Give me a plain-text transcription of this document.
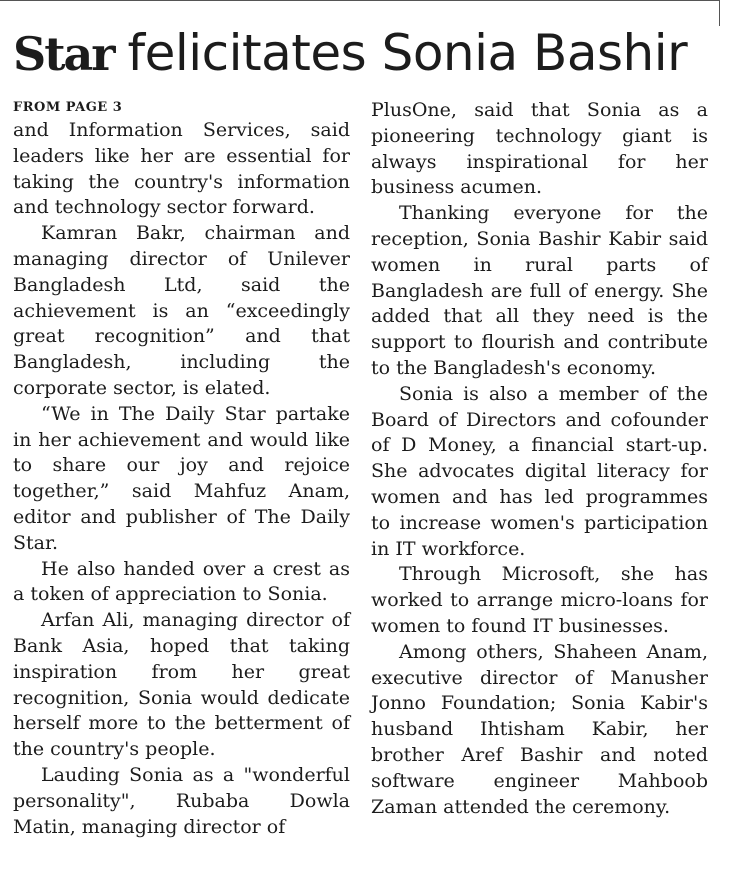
Star felicitates Sonia Bashir
FROM PAGE 3

and Information Services, said leaders like her are essential for taking the country's information and technology sector forward.

Kamran Bakr, chairman and managing director of Unilever Bangladesh Ltd, said the achievement is an “exceedingly great recognition” and that Bangladesh, including the corporate sector, is elated.

“We in The Daily Star partake in her achievement and would like to share our joy and rejoice together,” said Mahfuz Anam, editor and publisher of The Daily Star.

He also handed over a crest as a token of appreciation to Sonia.

Arfan Ali, managing director of Bank Asia, hoped that taking inspiration from her great recognition, Sonia would dedicate herself more to the betterment of the country's people.

Lauding Sonia as a "wonderful personality", Rubaba Dowla Matin, managing director of

PlusOne, said that Sonia as a pioneering technology giant is always inspirational for her business acumen.

Thanking everyone for the reception, Sonia Bashir Kabir said women in rural parts of Bangladesh are full of energy. She added that all they need is the support to flourish and contribute to the Bangladesh's economy.

Sonia is also a member of the Board of Directors and cofounder of D Money, a financial start-up. She advocates digital literacy for women and has led programmes to increase women's participation in IT workforce.

Through Microsoft, she has worked to arrange micro-loans for women to found IT businesses.

Among others, Shaheen Anam, executive director of Manusher Jonno Foundation; Sonia Kabir's husband Ihtisham Kabir, her brother Aref Bashir and noted software engineer Mahboob Zaman attended the ceremony.
